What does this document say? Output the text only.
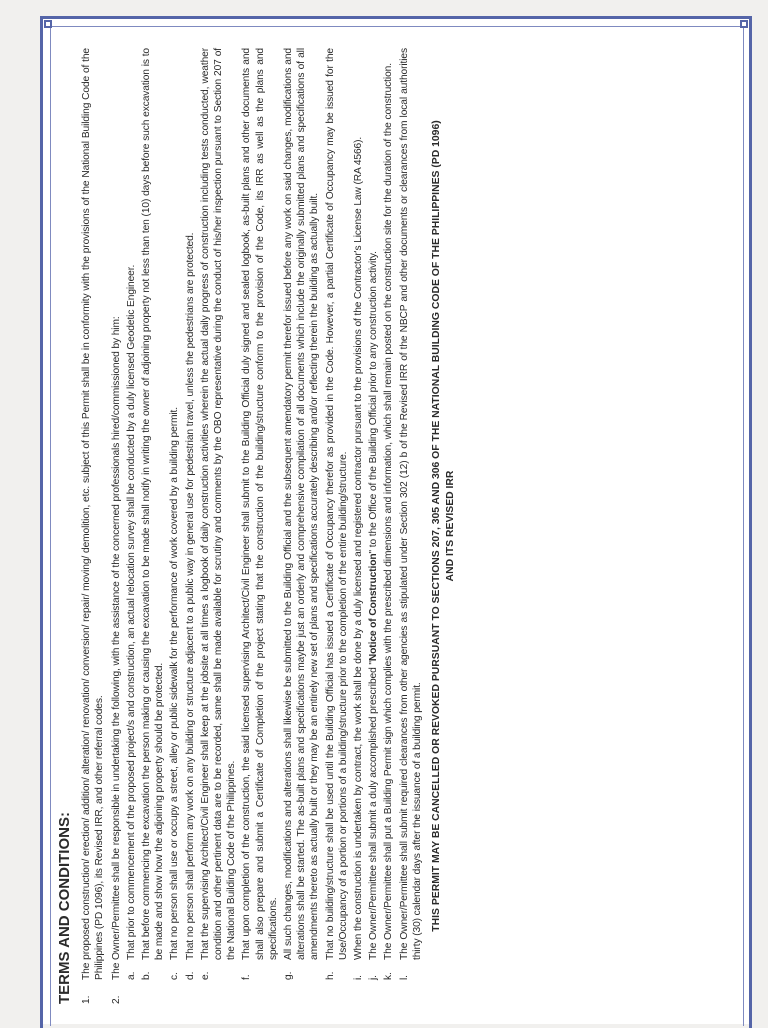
TERMS AND CONDITIONS: 1.
The proposed construction/ erection/ addition/ alteration/ renovation/ conversion/ repair/ moving/ demolition, etc. subject of this Permit shall be in conformity with the provisions of the National Building Code of the Philippines (PD 1096), its Revised IRR, and other referral codes.
2.
The Owner/Permittee shall be responsible in undertaking the following, with the assistance of the concerned professionals hired/commissioned by him: a.
That prior to commencement of the proposed project/s and construction, an actual relocation survey shall be conducted by a duly licensed Geodetic Engineer.
b.
That before commencing the excavation the person making or causing the excavation to be made shall notify in writing the owner of adjoining property not less than ten (10) days before such excavation is to be made and show how the adjoining property should be protected.
c.
That no person shall use or occupy a street, alley or public sidewalk for the performance of work covered by a building permit.
d.
That no person shall perform any work on any building or structure adjacent to a public way in general use for pedestrian travel, unless the pedestrians are protected.
e.
That the supervising Architect/Civil Engineer shall keep at the jobsite at all times a logbook of daily construction activities wherein the actual daily progress of construction including tests conducted, weather condition and other pertinent data are to be recorded, same shall be made available for scrutiny and comments by the OBO representative during the conduct of his/her inspection pursuant to Section 207 of the National Building Code of the Philippines.
f.
That upon completion of the construction, the said licensed supervising Architect/Civil Engineer shall submit to the Building Official duly signed and sealed logbook, as-built plans and other documents and shall also prepare and submit a Certificate of Completion of the project stating that the construction of the building/structure conform to the provision of the Code, its IRR as well as the plans and specifications.
g.
All such changes, modifications and alterations shall likewise be submitted to the Building Official and the subsequent amendatory permit therefor issued before any work on said changes, modifications and alterations shall be started. The as-built plans and specifications maybe just an orderly and comprehensive compilation of all documents which include the originally submitted plans and specifications of all amendments thereto as actually built or they may be an entirely new set of plans and specifications accurately describing and/or reflecting therein the building as actually built.
h.
That no building/structure shall be used until the Building Official has issued a Certificate of Occupancy therefor as provided in the Code. However, a partial Certificate of Occupancy may be issued for the Use/Occupancy of a portion or portions of a building/structure prior to the completion of the entire building/structure.
i.
When the construction is undertaken by contract, the work shall be done by a duly licensed and registered contractor pursuant to the provisions of the Contractor's License Law (RA 4566).
j.
The Owner/Permittee shall submit a duly accomplished prescribed "Notice of Construction" to the Office of the Building Official prior to any construction activity.
k.
The Owner/Permittee shall put a Building Permit sign which complies with the prescribed dimensions and information, which shall remain posted on the construction site for the duration of the construction.
l.
The Owner/Permittee shall submit required clearances from other agencies as stipulated under Section 302 (12) b of the Revised IRR of the NBCP and other documents or clearances from local authorities thirty (30) calendar days after the issuance of a building permit. THIS PERMIT MAY BE CANCELLED OR REVOKED PURSUANT TO SECTIONS 207, 305 AND 306 OF THE NATIONAL BUILDING CODE OF THE PHILIPPINES (PD 1096) AND ITS REVISED IRR
